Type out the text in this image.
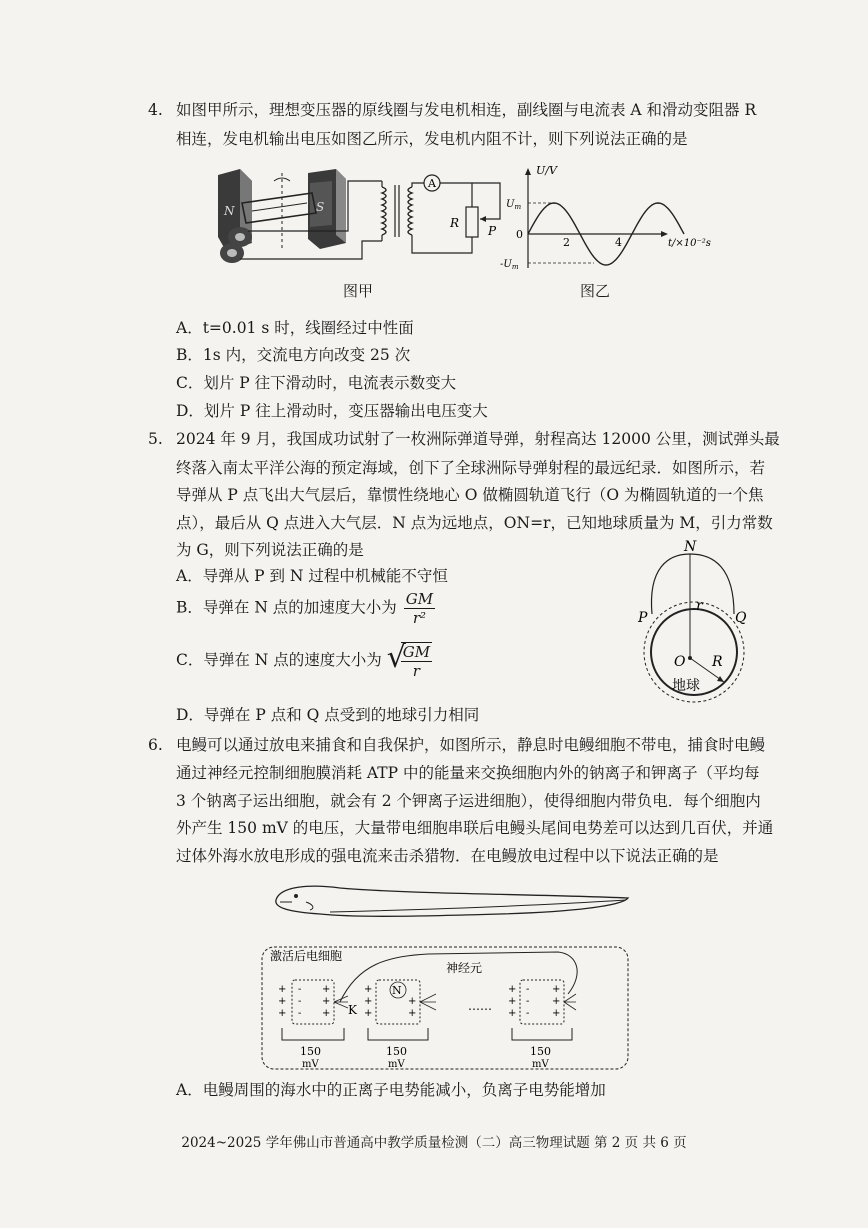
4. 如图甲所示，理想变压器的原线圈与发电机相连，副线圈与电流表 A 和滑动变阻器 R
相连，发电机输出电压如图乙所示，发电机内阻不计，则下列说法正确的是
N	S
A
R
P
图甲
U/V
$U_m$
$-U_m$
0
2	4	t/×10⁻²s
图乙
A．t=0.01 s 时，线圈经过中性面
B．1s 内，交流电方向改变 25 次
C．划片 P 往下滑动时，电流表示数变大
D．划片 P 往上滑动时，变压器输出电压变大
5. 2024 年 9 月，我国成功试射了一枚洲际弹道导弹，射程高达 12000 公里，测试弹头最
终落入南太平洋公海的预定海域，创下了全球洲际导弹射程的最远纪录．如图所示，若
导弹从 P 点飞出大气层后，靠惯性绕地心 O 做椭圆轨道飞行（O 为椭圆轨道的一个焦
点），最后从 Q 点进入大气层．N 点为远地点，ON=r，已知地球质量为 M，引力常数
为 G，则下列说法正确的是
A．导弹从 P 到 N 过程中机械能不守恒
B．导弹在 N 点的加速度大小为 $\frac{GM}{\text{r²}}$
C．导弹在 N 点的速度大小为 √
$\frac{GM}{r}$
D．导弹在 P 点和 Q 点受到的地球引力相同
N
P	Q
O
r
R
地球
6. 电鳗可以通过放电来捕食和自我保护，如图所示，静息时电鳗细胞不带电，捕食时电鳗
通过神经元控制细胞膜消耗 ATP 中的能量来交换细胞内外的钠离子和钾离子（平均每
3 个钠离子运出细胞，就会有 2 个钾离子运进细胞），使得细胞内带负电．每个细胞内
外产生 150 mV 的电压，大量带电细胞串联后电鳗头尾间电势差可以达到几百伏，并通
过体外海水放电形成的强电流来击杀猎物．在电鳗放电过程中以下说法正确的是
激活后电细胞
神经元
+
+
+
-
-
-
+
+
+
150
mV
K
N
+
+
+
+
+
150
mV
……
+
+
+
-
-
-
+
+
+
150
mV
A．电鳗周围的海水中的正离子电势能减小，负离子电势能增加
2024~2025 学年佛山市普通高中教学质量检测（二）高三物理试题 第 2 页 共 6 页
